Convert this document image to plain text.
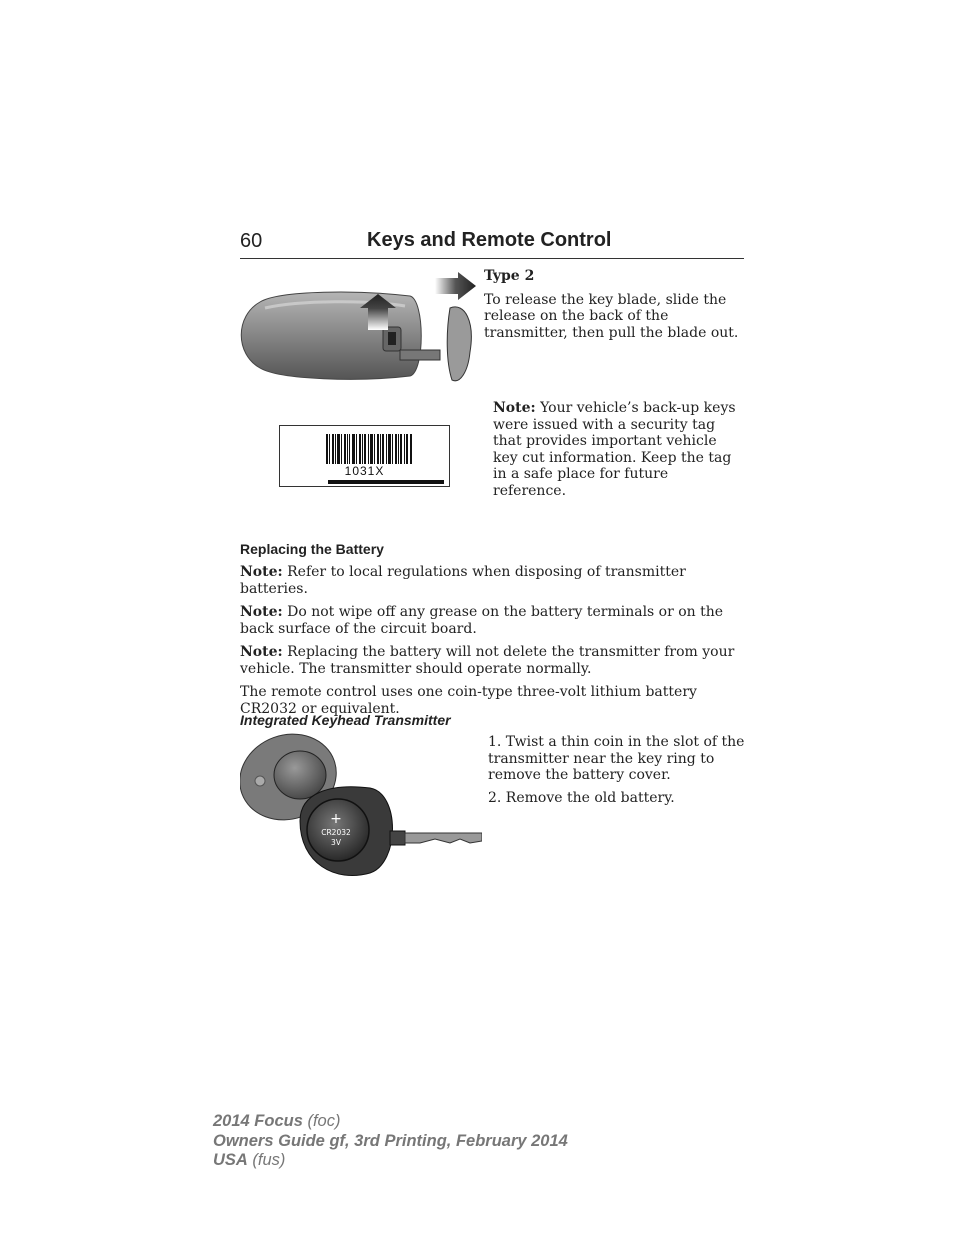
60	Keys and Remote Control

Type 2

To release the key blade, slide the release on the back of the transmitter, then pull the blade out.

1031X

Note: Your vehicle’s back-up keys were issued with a security tag that provides important vehicle key cut information. Keep the tag in a safe place for future reference.

Replacing the Battery

Note: Refer to local regulations when disposing of transmitter batteries.

Note: Do not wipe off any grease on the battery terminals or on the back surface of the circuit board.

Note: Replacing the battery will not delete the transmitter from your vehicle. The transmitter should operate normally.

The remote control uses one coin-type three-volt lithium battery CR2032 or equivalent.

Integrated Keyhead Transmitter
+
CR2032
3V

1. Twist a thin coin in the slot of the transmitter near the key ring to remove the battery cover.

2. Remove the old battery.

2014 Focus (foc)
Owners Guide gf, 3rd Printing, February 2014
USA (fus)
